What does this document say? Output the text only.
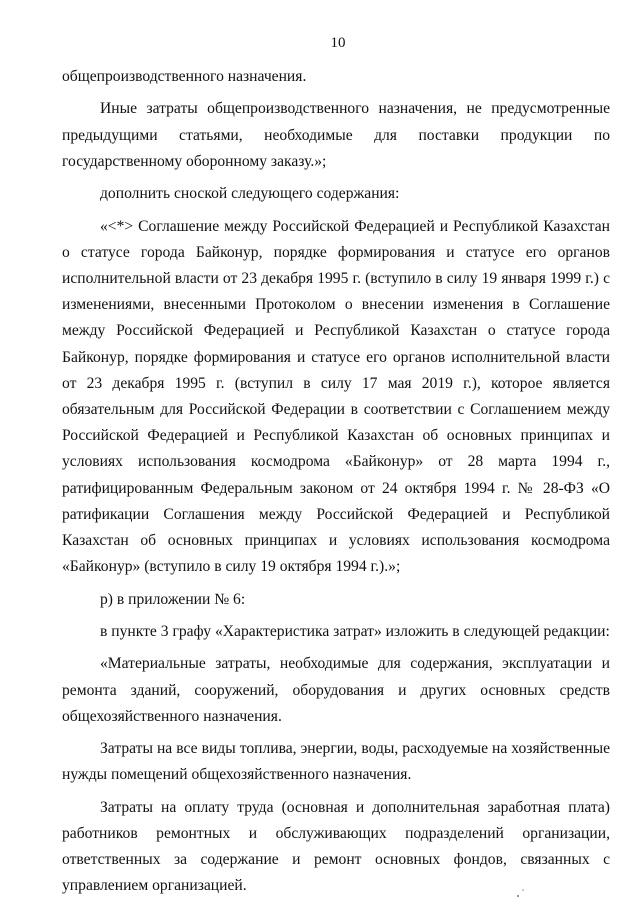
10

общепроизводственного назначения.

Иные затраты общепроизводственного назначения, не предусмотренные предыдущими статьями, необходимые для поставки продукции по государственному оборонному заказу.»;

дополнить сноской следующего содержания:

«<*> Соглашение между Российской Федерацией и Республикой Казахстан о статусе города Байконур, порядке формирования и статусе его органов исполнительной власти от 23 декабря 1995 г. (вступило в силу 19 января 1999 г.) с изменениями, внесенными Протоколом о внесении изменения в Соглашение между Российской Федерацией и Республикой Казахстан о статусе города Байконур, порядке формирования и статусе его органов исполнительной власти от 23 декабря 1995 г. (вступил в силу 17 мая 2019 г.), которое является обязательным для Российской Федерации в соответствии с Соглашением между Российской Федерацией и Республикой Казахстан об основных принципах и условиях использования космодрома «Байконур» от 28 марта 1994 г., ратифицированным Федеральным законом от 24 октября 1994 г. № 28-ФЗ «О ратификации Соглашения между Российской Федерацией и Республикой Казахстан об основных принципах и условиях использования космодрома «Байконур» (вступило в силу 19 октября 1994 г.).»;

р) в приложении № 6:

в пункте 3 графу «Характеристика затрат» изложить в следующей редакции:

«Материальные затраты, необходимые для содержания, эксплуатации и ремонта зданий, сооружений, оборудования и других основных средств общехозяйственного назначения.

Затраты на все виды топлива, энергии, воды, расходуемые на хозяйственные нужды помещений общехозяйственного назначения.

Затраты на оплату труда (основная и дополнительная заработная плата) работников ремонтных и обслуживающих подразделений организации, ответственных за содержание и ремонт основных фондов, связанных с управлением организацией.
